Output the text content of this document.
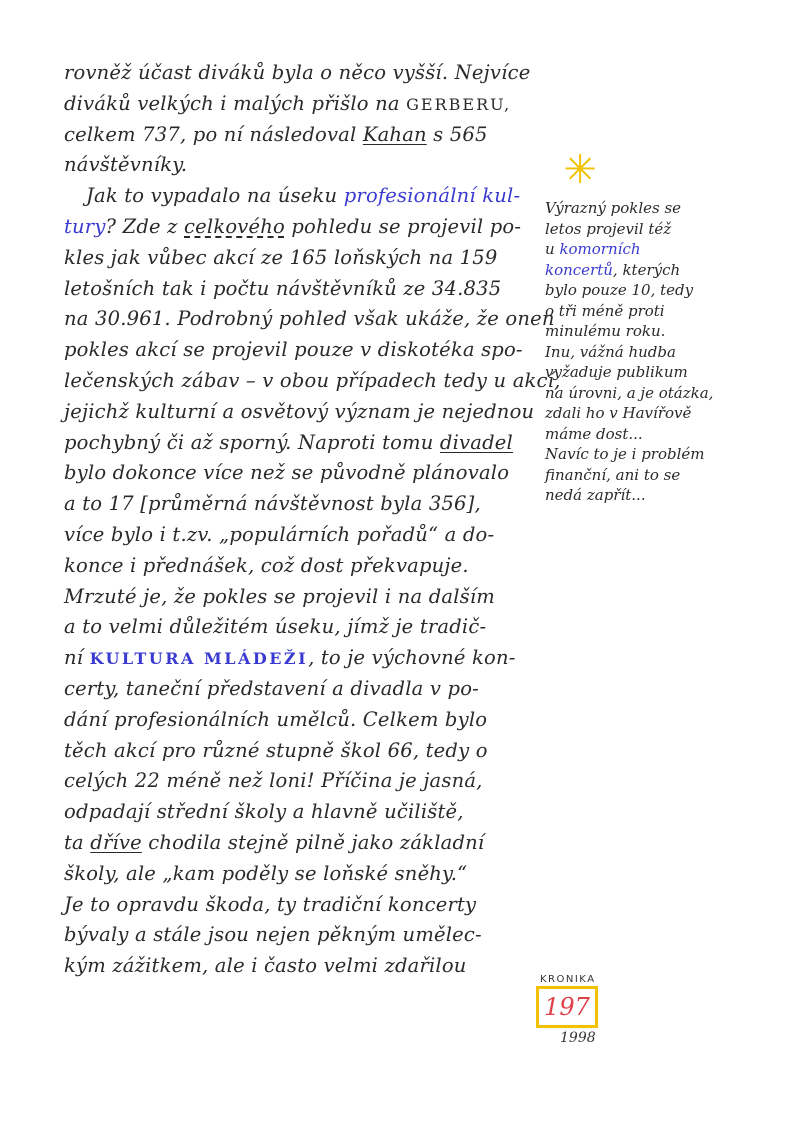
rovněž účast diváků byla o něco vyšší. Nejvíce
diváků velkých i malých přišlo na GERBERU,
celkem 737, po ní následoval Kahan s 565
návštěvníky.
Jak to vypadalo na úseku profesionální kul-
tury? Zde z celkového pohledu se projevil po-
kles jak vůbec akcí ze 165 loňských na 159
letošních tak i počtu návštěvníků ze 34.835
na 30.961. Podrobný pohled však ukáže, že onen
pokles akcí se projevil pouze v diskotéka spo-
lečenských zábav – v obou případech tedy u akcí,
jejichž kulturní a osvětový význam je nejednou
pochybný či až sporný. Naproti tomu divadel
bylo dokonce více než se původně plánovalo
a to 17 [průměrná návštěvnost byla 356],
více bylo i t.zv. „populárních pořadů“ a do-
konce i přednášek, což dost překvapuje.
Mrzuté je, že pokles se projevil i na dalším
a to velmi důležitém úseku, jímž je tradič-
ní KULTURA MLÁDEŽI, to je výchovné kon-
certy, taneční představení a divadla v po-
dání profesionálních umělců. Celkem bylo
těch akcí pro různé stupně škol 66, tedy o
celých 22 méně než loni! Příčina je jasná,
odpadají střední školy a hlavně učiliště,
ta dříve chodila stejně pilně jako základní
školy, ale „kam poděly se loňské sněhy.“
Je to opravdu škoda, ty tradiční koncerty
bývaly a stále jsou nejen pěkným umělec-
kým zážitkem, ale i často velmi zdařilou
✳
Výrazný pokles se
letos projevil též
u komorních
koncertů, kterých
bylo pouze 10, tedy
o tři méně proti
minulému roku.
Inu, vážná hudba
vyžaduje publikum
na úrovni, a je otázka,
zdali ho v Havířově
máme dost...
Navíc to je i problém
finanční, ani to se
nedá zapřít...
KRONIKA
197
1998
